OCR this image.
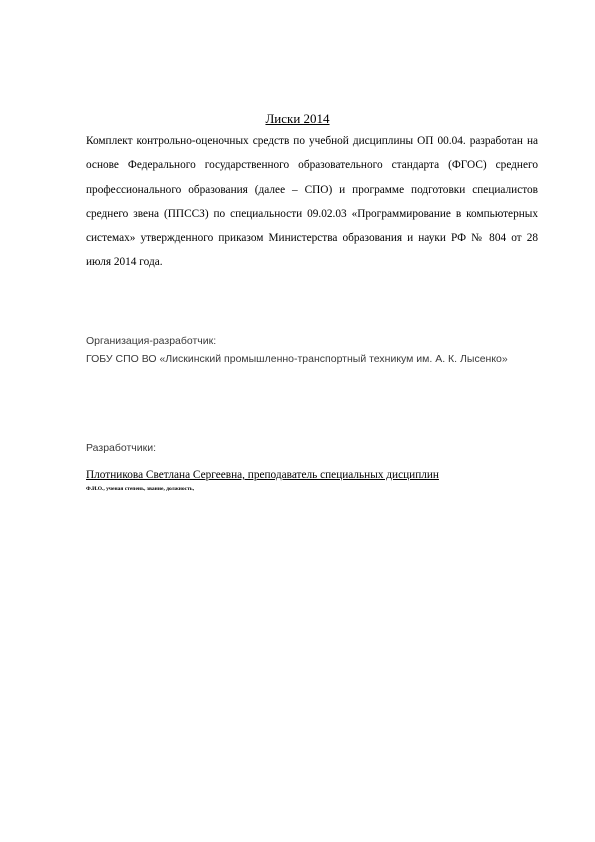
Лиски 2014

Комплект контрольно-оценочных средств по учебной дисциплины ОП 00.04. разработан на основе Федерального государственного образовательного стандарта (ФГОС) среднего профессионального образования (далее – СПО) и программе подготовки специалистов среднего звена (ППССЗ) по специальности 09.02.03 «Программирование в компьютерных системах» утвержденного приказом Министерства образования и науки РФ № 804 от 28 июля 2014 года.

Организация-разработчик:
ГОБУ СПО ВО «Лискинский промышленно-транспортный техникум им. А. К. Лысенко»
Разработчики:
Плотникова Светлана Сергеевна, преподаватель специальных дисциплин
Ф.И.О., ученая степень, звание, должность,
